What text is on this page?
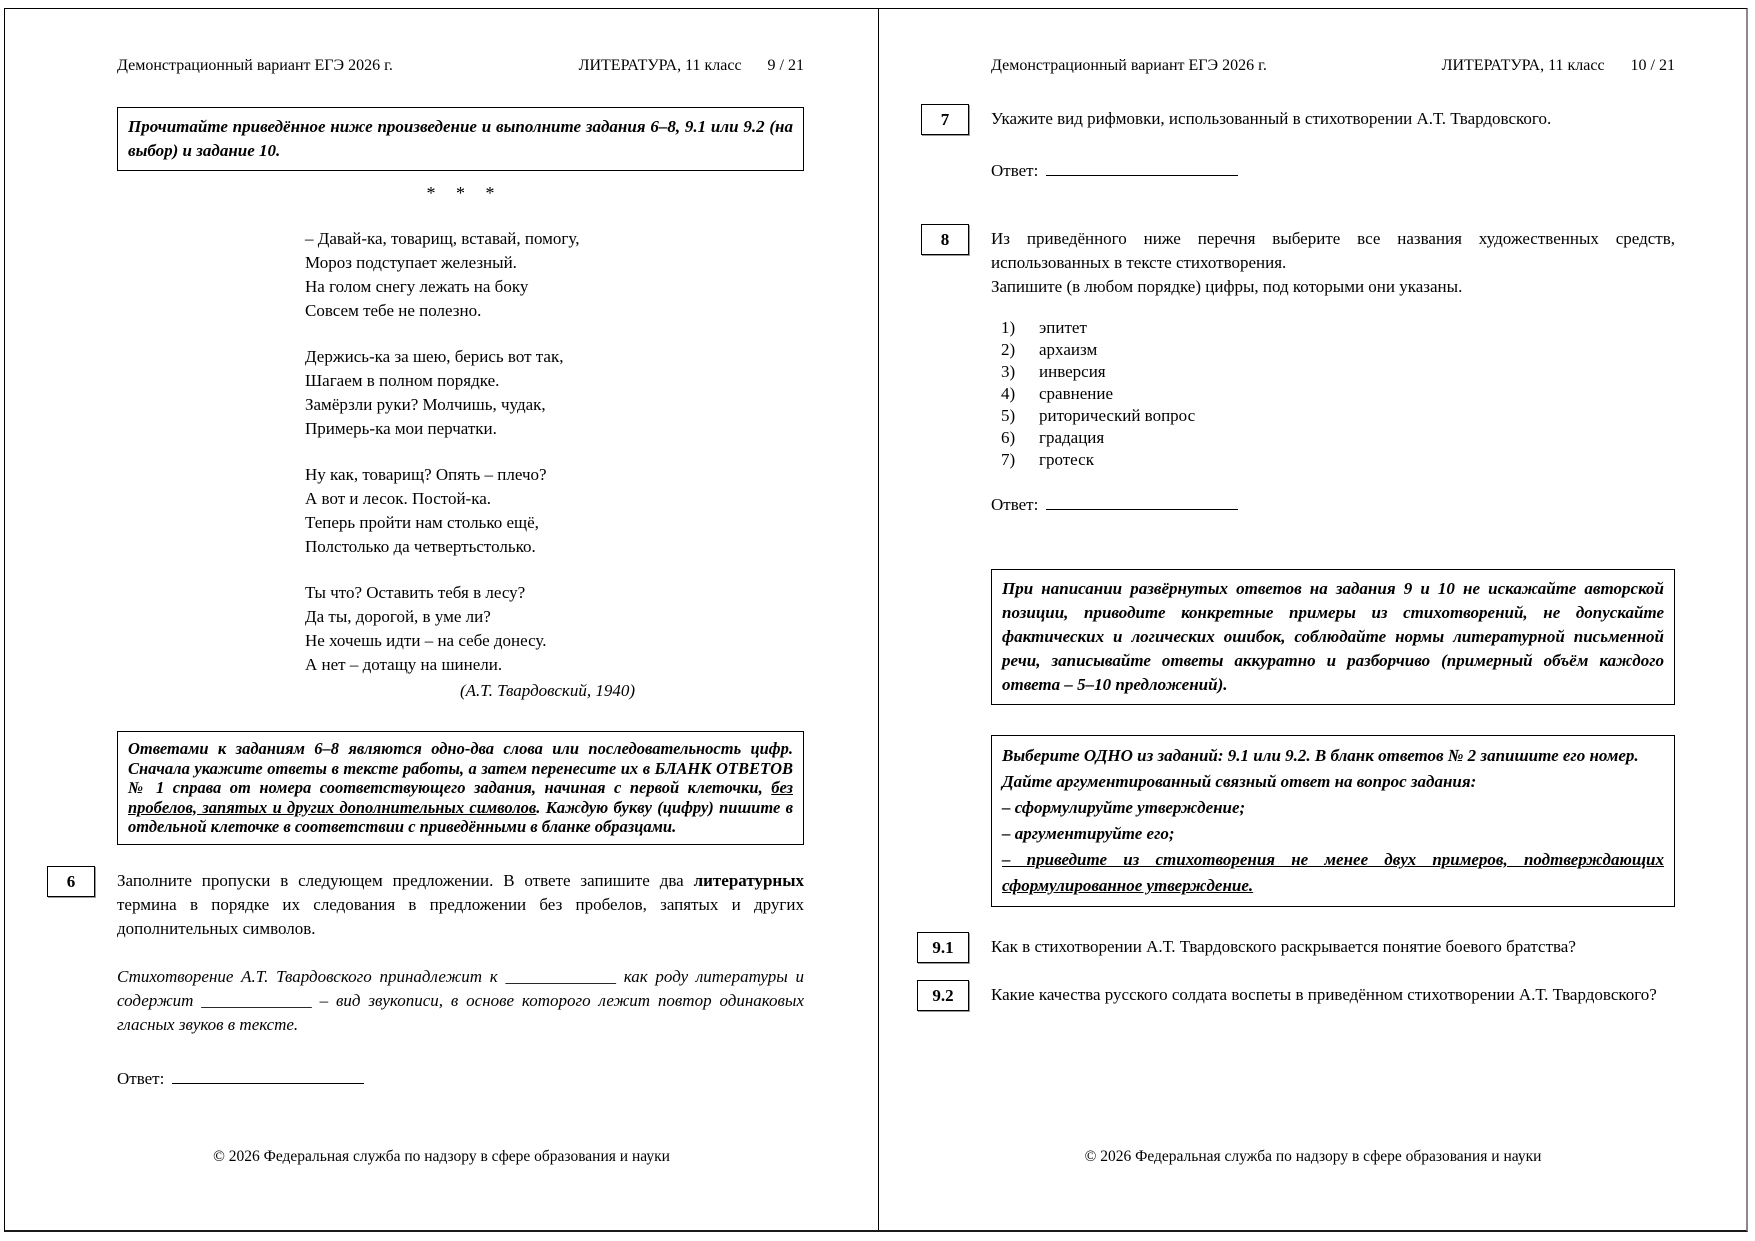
Демонстрационный вариант ЕГЭ 2026 г.	ЛИТЕРАТУРА, 11 класс 9 / 21
Прочитайте приведённое ниже произведение и выполните задания 6–8, 9.1 или 9.2 (на выбор) и задание 10.
* * *
– Давай-ка, товарищ, вставай, помогу,
Мороз подступает железный.
На голом снегу лежать на боку
Совсем тебе не полезно.
Держись-ка за шею, берись вот так,
Шагаем в полном порядке.
Замёрзли руки? Молчишь, чудак,
Примерь-ка мои перчатки.
Ну как, товарищ? Опять – плечо?
А вот и лесок. Постой-ка.
Теперь пройти нам столько ещё,
Полстолько да четвертьстолько.
Ты что? Оставить тебя в лесу?
Да ты, дорогой, в уме ли?
Не хочешь идти – на себе донесу.
А нет – дотащу на шинели.
(А.Т. Твардовский, 1940)
Ответами к заданиям 6–8 являются одно-два слова или последовательность цифр. Сначала укажите ответы в тексте работы, а затем перенесите их в БЛАНК ОТВЕТОВ № 1 справа от номера соответствующего задания, начиная с первой клеточки, без пробелов, запятых и других дополнительных символов. Каждую букву (цифру) пишите в отдельной клеточке в соответствии с приведёнными в бланке образцами.
6	Заполните пропуски в следующем предложении. В ответе запишите два литературных термина в порядке их следования в предложении без пробелов, запятых и других дополнительных символов.
Стихотворение А.Т. Твардовского принадлежит к _____________ как роду литературы и содержит _____________ – вид звукописи, в основе которого лежит повтор одинаковых гласных звуков в тексте.
Ответ:
© 2026 Федеральная служба по надзору в сфере образования и науки
Демонстрационный вариант ЕГЭ 2026 г.	ЛИТЕРАТУРА, 11 класс 10 / 21
7	Укажите вид рифмовки, использованный в стихотворении А.Т. Твардовского.
Ответ:
8	Из приведённого ниже перечня выберите все названия художественных средств, использованных в тексте стихотворения.
Запишите (в любом порядке) цифры, под которыми они указаны.
1)	эпитет
2)	архаизм
3)	инверсия
4)	сравнение
5)	риторический вопрос
6)	градация
7)	гротеск
Ответ:
При написании развёрнутых ответов на задания 9 и 10 не искажайте авторской позиции, приводите конкретные примеры из стихотворений, не допускайте фактических и логических ошибок, соблюдайте нормы литературной письменной речи, записывайте ответы аккуратно и разборчиво (примерный объём каждого ответа – 5–10 предложений).
Выберите ОДНО из заданий: 9.1 или 9.2. В бланк ответов № 2 запишите его номер.
Дайте аргументированный связный ответ на вопрос задания:
– сформулируйте утверждение;
– аргументируйте его;
– приведите из стихотворения не менее двух примеров, подтверждающих сформулированное утверждение.
9.1	Как в стихотворении А.Т. Твардовского раскрывается понятие боевого братства?
9.2	Какие качества русского солдата воспеты в приведённом стихотворении А.Т. Твардовского?
© 2026 Федеральная служба по надзору в сфере образования и науки
